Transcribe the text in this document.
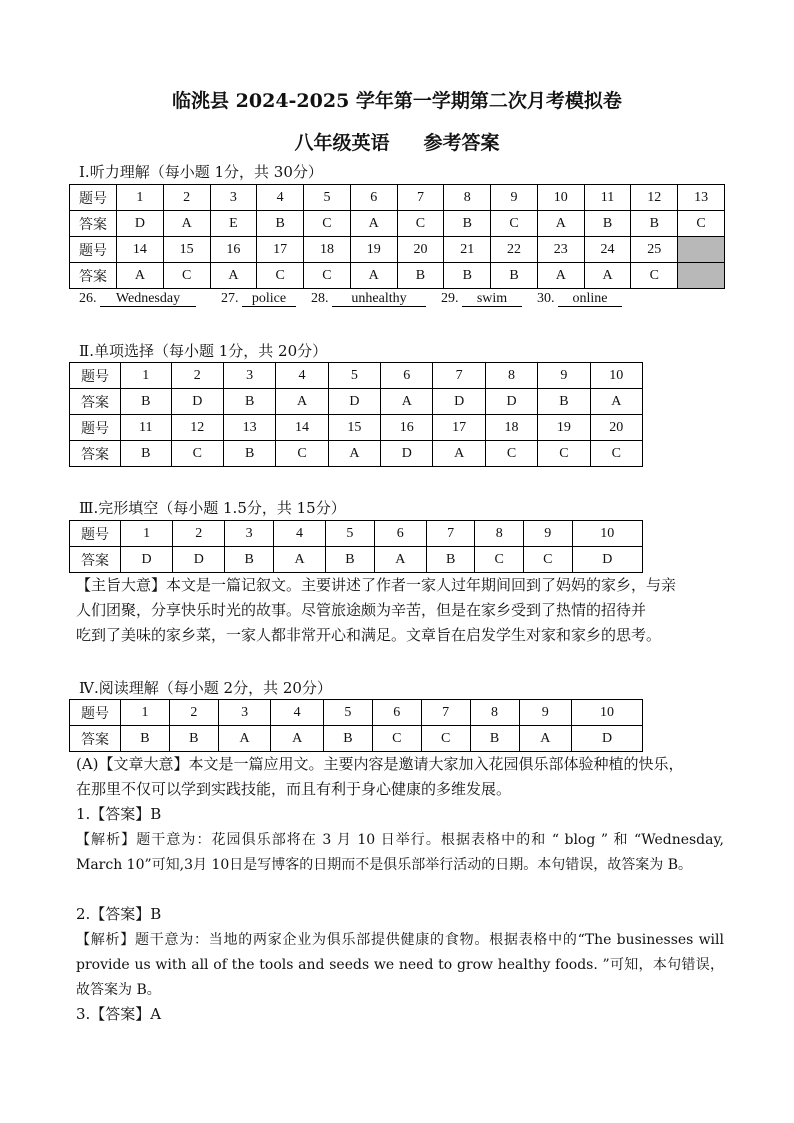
临洮县 2024-2025 学年第一学期第二次月考模拟卷
八年级英语 参考答案
Ⅰ.听力理解（每小题 1分，共 30分）
题号	1	2	3	4	5	6	7	8	9	10	11	12	13
答案	D	A	E	B	C	A	C	B	C	A	B	B	C
题号	14	15	16	17	18	19	20	21	22	23	24	25	
答案	A	C	A	C	C	A	B	B	B	A	A	C	
26. Wednesday	27. police 28. unhealthy 29. swim 30. online
Ⅱ.单项选择（每小题 1分，共 20分）
题号	1	2	3	4	5	6	7	8	9	10
答案	B	D	B	A	D	A	D	D	B	A
题号	11	12	13	14	15	16	17	18	19	20
答案	B	C	B	C	A	D	A	C	C	C
Ⅲ.完形填空（每小题 1.5分，共 15分）
题号	1	2	3	4	5	6	7	8	9	10
答案	D	D	B	A	B	A	B	C	C	D
【主旨大意】本文是一篇记叙文。主要讲述了作者一家人过年期间回到了妈妈的家乡，与亲
人们团聚，分享快乐时光的故事。尽管旅途颇为辛苦，但是在家乡受到了热情的招待并
吃到了美味的家乡菜，一家人都非常开心和满足。文章旨在启发学生对家和家乡的思考。
Ⅳ.阅读理解（每小题 2分，共 20分）
题号	1	2	3	4	5	6	7	8	9	10
答案	B	B	A	A	B	C	C	B	A	D
(A)【文章大意】本文是一篇应用文。主要内容是邀请大家加入花园俱乐部体验种植的快乐，
在那里不仅可以学到实践技能，而且有利于身心健康的多维发展。
1.【答案】B
【解析】题干意为：花园俱乐部将在 3 月 10 日举行。根据表格中的和 “ blog ” 和 “Wednesday, March 10”可知,3月 10日是写博客的日期而不是俱乐部举行活动的日期。本句错误，故答案为 B。
2.【答案】B
【解析】题干意为：当地的两家企业为俱乐部提供健康的食物。根据表格中的“The businesses will provide us with all of the tools and seeds we need to grow healthy foods. ”可知，本句错误， 故答案为 B。
3.【答案】A
